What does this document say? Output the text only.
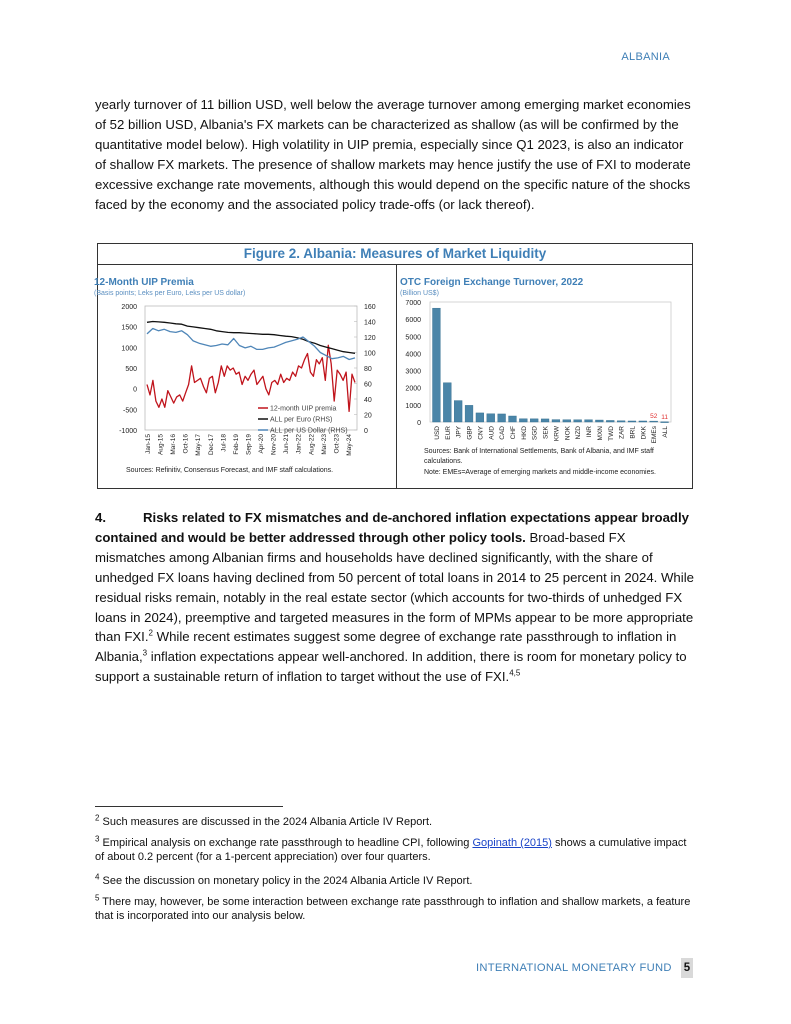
ALBANIA
yearly turnover of 11 billion USD, well below the average turnover among emerging market economies of 52 billion USD, Albania's FX markets can be characterized as shallow (as will be confirmed by the quantitative model below). High volatility in UIP premia, especially since Q1 2023, is also an indicator of shallow FX markets. The presence of shallow markets may hence justify the use of FXI to moderate excessive exchange rate movements, although this would depend on the specific nature of the shocks faced by the economy and the associated policy trade-offs (or lack thereof).
Figure 2. Albania: Measures of Market Liquidity
12-Month UIP Premia
(Basis points; Leks per Euro, Leks per US dollar)
2000
1500
1000
500
0
-500
-1000
160
140
120
100
80
60
40
20
0
Jan-15 Aug-15 Mar-16 Oct-16 May-17 Dec-17 Jul-18 Feb-19 Sep-19 Apr-20 Nov-20 Jun-21 Jan-22 Aug-22 Mar-23 Oct-23 May-24
12-month UIP premia
ALL per Euro (RHS)
ALL per US Dollar (RHS)
Sources: Refinitiv, Consensus Forecast, and IMF staff calculations.
OTC Foreign Exchange Turnover, 2022
(Billion US$)
7000
6000
5000
4000
3000
2000
1000
0
USD EUR JPY GBP CNY AUD CAD CHF HKD SGD SEK KRW NOK NZD INR MXN TWD ZAR BRL DKK EMEs
52
ALL
11
Sources: Bank of International Settlements, Bank of Albania, and IMF staff calculations.
Note: EMEs=Average of emerging markets and middle-income economies.
4.	Risks related to FX mismatches and de-anchored inflation expectations appear broadly contained and would be better addressed through other policy tools. Broad-based FX mismatches among Albanian firms and households have declined significantly, with the share of unhedged FX loans having declined from 50 percent of total loans in 2014 to 25 percent in 2024. While residual risks remain, notably in the real estate sector (which accounts for two-thirds of unhedged FX loans in 2024), preemptive and targeted measures in the form of MPMs appear to be more appropriate than FXI.$^2$ While recent estimates suggest some degree of exchange rate passthrough to inflation in Albania,$^3$ inflation expectations appear well-anchored. In addition, there is room for monetary policy to support a sustainable return of inflation to target without the use of FXI.$^{4,5}$
$^2$ Such measures are discussed in the 2024 Albania Article IV Report.
$^3$ Empirical analysis on exchange rate passthrough to headline CPI, following Gopinath (2015) shows a cumulative impact of about 0.2 percent (for a 1-percent appreciation) over four quarters.
$^4$ See the discussion on monetary policy in the 2024 Albania Article IV Report.
$^5$ There may, however, be some interaction between exchange rate passthrough to inflation and shallow markets, a feature that is incorporated into our analysis below.
INTERNATIONAL MONETARY FUND 5
